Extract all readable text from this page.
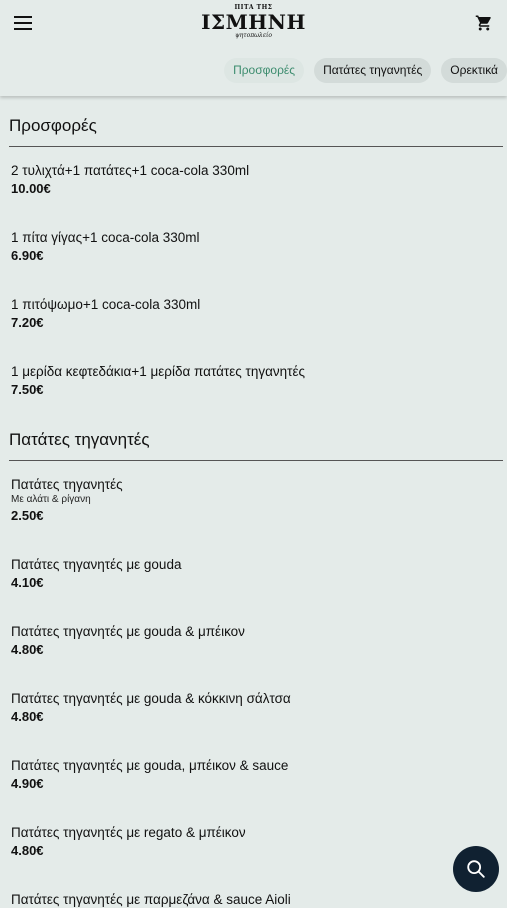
ΠΙΤΑ ΤΗΣ
ΙΣΜΗΝΗ
ψητοπωλείο
Προσφορές	Πατάτες τηγανητές	Ορεκτικά
Προσφορές
2 τυλιχτά+1 πατάτες+1 coca-cola 330ml
10.00€
1 πίτα γίγας+1 coca-cola 330ml
6.90€
1 πιτόψωμο+1 coca-cola 330ml
7.20€
1 μερίδα κεφτεδάκια+1 μερίδα πατάτες τηγανητές
7.50€
Πατάτες τηγανητές
Πατάτες τηγανητές
Με αλάτι & ρίγανη
2.50€
Πατάτες τηγανητές με gouda
4.10€
Πατάτες τηγανητές με gouda & μπέικον
4.80€
Πατάτες τηγανητές με gouda & κόκκινη σάλτσα
4.80€
Πατάτες τηγανητές με gouda, μπέικον & sauce
4.90€
Πατάτες τηγανητές με regato & μπέικον
4.80€
Πατάτες τηγανητές με παρμεζάνα & sauce Aioli
